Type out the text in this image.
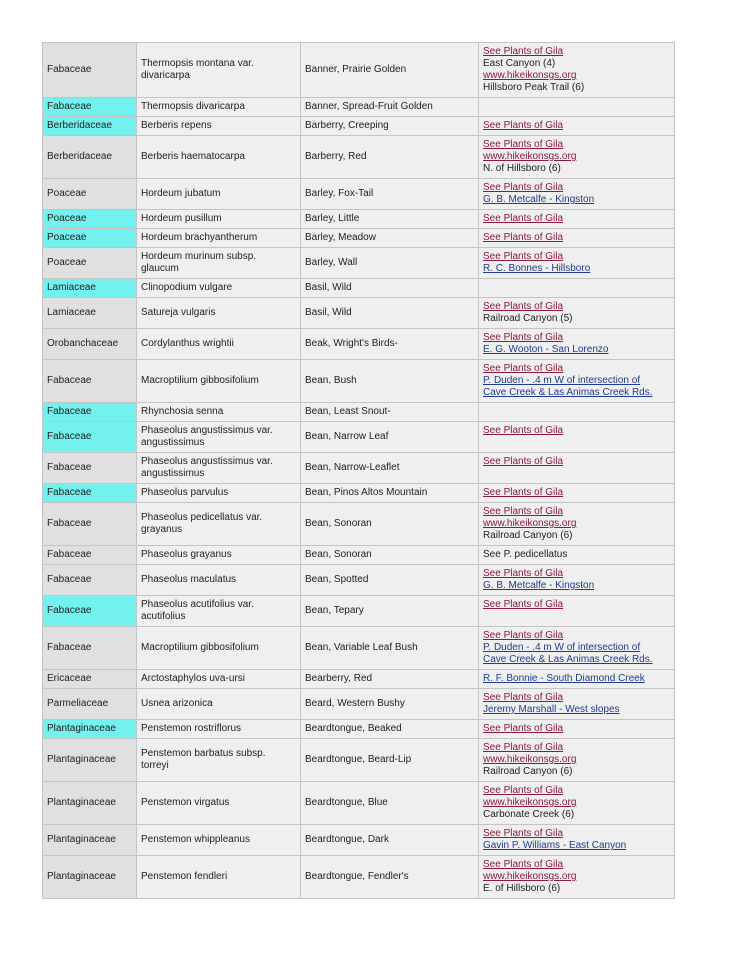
Fabaceae	Thermopsis montana var.
divaricarpa	Banner, Prairie Golden	See Plants of Gila
East Canyon (4)
www.hikeikonsgs.org
Hillsboro Peak Trail (6)

Fabaceae	Thermopsis divaricarpa	Banner, Spread-Fruit Golden	

Berberidaceae	Berberis repens	Barberry, Creeping	See Plants of Gila

Berberidaceae	Berberis haematocarpa	Barberry, Red	See Plants of Gila
www.hikeikonsgs.org
N. of Hillsboro (6)

Poaceae	Hordeum jubatum	Barley, Fox-Tail	See Plants of Gila
G. B. Metcalfe - Kingston

Poaceae	Hordeum pusillum	Barley, Little	See Plants of Gila

Poaceae	Hordeum brachyantherum	Barley, Meadow	See Plants of Gila

Poaceae	Hordeum murinum subsp.
glaucum	Barley, Wall	See Plants of Gila
R. C. Bonnes - Hillsboro

Lamiaceae	Clinopodium vulgare	Basil, Wild	

Lamiaceae	Satureja vulgaris	Basil, Wild	See Plants of Gila
Railroad Canyon (5)

Orobanchaceae	Cordylanthus wrightii	Beak, Wright's Birds-	See Plants of Gila
E. G. Wooton - San Lorenzo

Fabaceae	Macroptilium gibbosifolium	Bean, Bush	See Plants of Gila
P. Duden - .4 m W of intersection of
Cave Creek & Las Animas Creek Rds.

Fabaceae	Rhynchosia senna	Bean, Least Snout-	

Fabaceae	Phaseolus angustissimus var.
angustissimus	Bean, Narrow Leaf	See Plants of Gila

Fabaceae	Phaseolus angustissimus var.
angustissimus	Bean, Narrow-Leaflet	See Plants of Gila

Fabaceae	Phaseolus parvulus	Bean, Pinos Altos Mountain	See Plants of Gila

Fabaceae	Phaseolus pedicellatus var.
grayanus	Bean, Sonoran	See Plants of Gila
www.hikeikonsgs.org
Railroad Canyon (6)

Fabaceae	Phaseolus grayanus	Bean, Sonoran	See P. pedicellatus

Fabaceae	Phaseolus maculatus	Bean, Spotted	See Plants of Gila
G. B. Metcalfe - Kingston

Fabaceae	Phaseolus acutifolius var.
acutifolius	Bean, Tepary	See Plants of Gila

Fabaceae	Macroptilium gibbosifolium	Bean, Variable Leaf Bush	See Plants of Gila
P. Duden - .4 m W of intersection of
Cave Creek & Las Animas Creek Rds.

Ericaceae	Arctostaphylos uva-ursi	Bearberry, Red	R. F. Bonnie - South Diamond Creek

Parmeliaceae	Usnea arizonica	Beard, Western Bushy	See Plants of Gila
Jeremy Marshall - West slopes

Plantaginaceae	Penstemon rostriflorus	Beardtongue, Beaked	See Plants of Gila

Plantaginaceae	Penstemon barbatus subsp.
torreyi	Beardtongue, Beard-Lip	See Plants of Gila
www.hikeikonsgs.org
Railroad Canyon (6)

Plantaginaceae	Penstemon virgatus	Beardtongue, Blue	See Plants of Gila
www.hikeikonsgs.org
Carbonate Creek (6)

Plantaginaceae	Penstemon whippleanus	Beardtongue, Dark	See Plants of Gila
Gavin P. Williams - East Canyon

Plantaginaceae	Penstemon fendleri	Beardtongue, Fendler's	See Plants of Gila
www.hikeikonsgs.org
E. of Hillsboro (6)
